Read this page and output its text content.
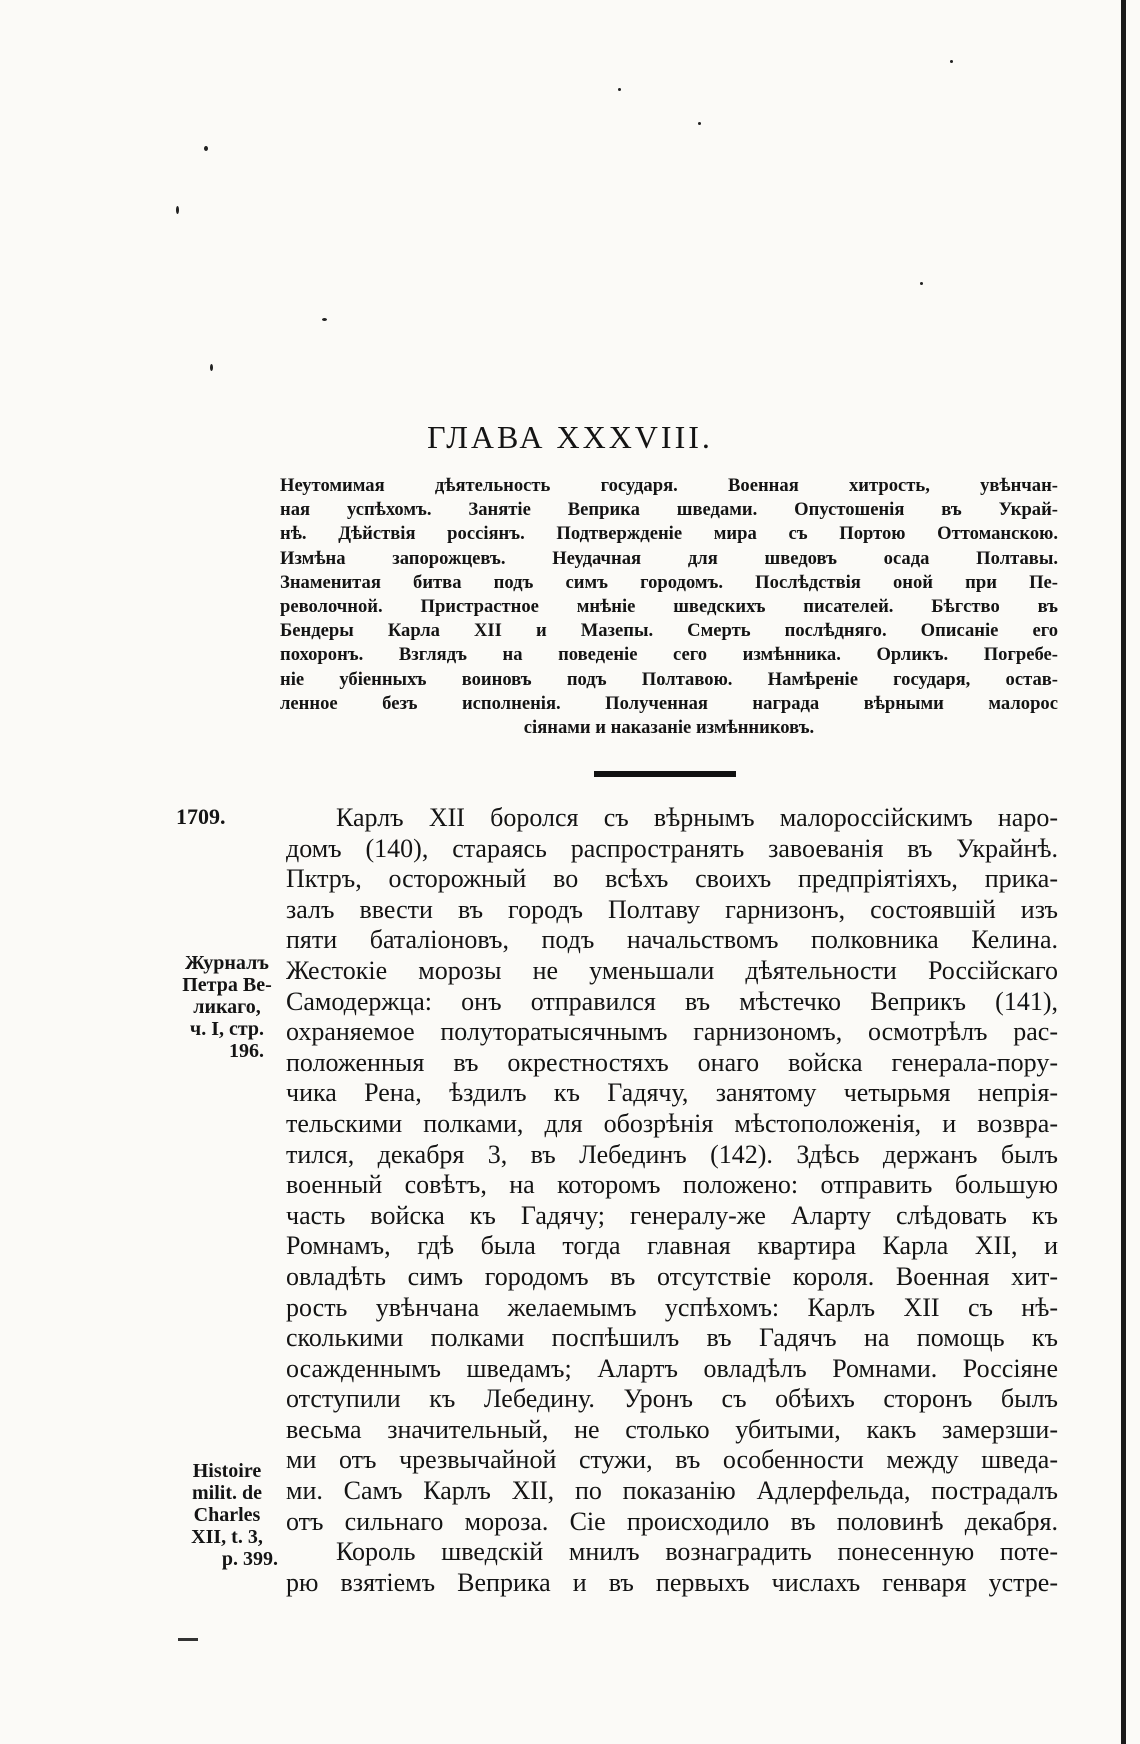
ГЛАВА XXXVIII.
Неутомимая дѣятельность государя. Военная хитрость, увѣнчан-
ная успѣхомъ. Занятіе Веприка шведами. Опустошенія въ Украй-
нѣ. Дѣйствія россіянъ. Подтвержденіе мира съ Портою Оттоманскою.
Измѣна запорожцевъ. Неудачная для шведовъ осада Полтавы.
Знаменитая битва подъ симъ городомъ. Послѣдствія оной при Пе-
револочной. Пристрастное мнѣніе шведскихъ писателей. Бѣгство въ
Бендеры Карла XII и Мазепы. Смерть послѣдняго. Описаніе его
похоронъ. Взглядъ на поведеніе сего измѣнника. Орликъ. Погребе-
ніе убіенныхъ воиновъ подъ Полтавою. Намѣреніе государя, остав-
ленное безъ исполненія. Полученная награда вѣрными малорос
сіянами и наказаніе измѣнниковъ.
1709.
Журналъ
Петра Ве-
ликаго,
ч. I, стр.
196.
Histoire
milit. de
Charles
XII, t. 3,
p. 399.
Карлъ XII боролся съ вѣрнымъ малороссійскимъ наро-
домъ (140), стараясь распространять завоеванія въ Украйнѣ.
Пктръ, осторожный во всѣхъ своихъ предпріятіяхъ, прика-
залъ ввести въ городъ Полтаву гарнизонъ, состоявшій изъ
пяти баталіоновъ, подъ начальствомъ полковника Келина.
Жестокіе морозы не уменьшали дѣятельности Россійскаго
Самодержца: онъ отправился въ мѣстечко Веприкъ (141),
охраняемое полуторатысячнымъ гарнизономъ, осмотрѣлъ рас-
положенныя въ окрестностяхъ онаго войска генерала-пору-
чика Рена, ѣздилъ къ Гадячу, занятому четырьмя непрія-
тельскими полками, для обозрѣнія мѣстоположенія, и возвра-
тился, декабря 3, въ Лебединъ (142). Здѣсь держанъ былъ
военный совѣтъ, на которомъ положено: отправить большую
часть войска къ Гадячу; генералу-же Аларту слѣдовать къ
Ромнамъ, гдѣ была тогда главная квартира Карла XII, и
овладѣть симъ городомъ въ отсутствіе короля. Военная хит-
рость увѣнчана желаемымъ успѣхомъ: Карлъ XII съ нѣ-
сколькими полками поспѣшилъ въ Гадячъ на помощь къ
осажденнымъ шведамъ; Алартъ овладѣлъ Ромнами. Россіяне
отступили къ Лебедину. Уронъ съ обѣихъ сторонъ былъ
весьма значительный, не столько убитыми, какъ замерзши-
ми отъ чрезвычайной стужи, въ особенности между шведа-
ми. Самъ Карлъ XII, по показанію Адлерфельда, пострадалъ
отъ сильнаго мороза. Сіе происходило въ половинѣ декабря.
Король шведскій мнилъ вознаградить понесенную поте-
рю взятіемъ Веприка и въ первыхъ числахъ генваря устре-
